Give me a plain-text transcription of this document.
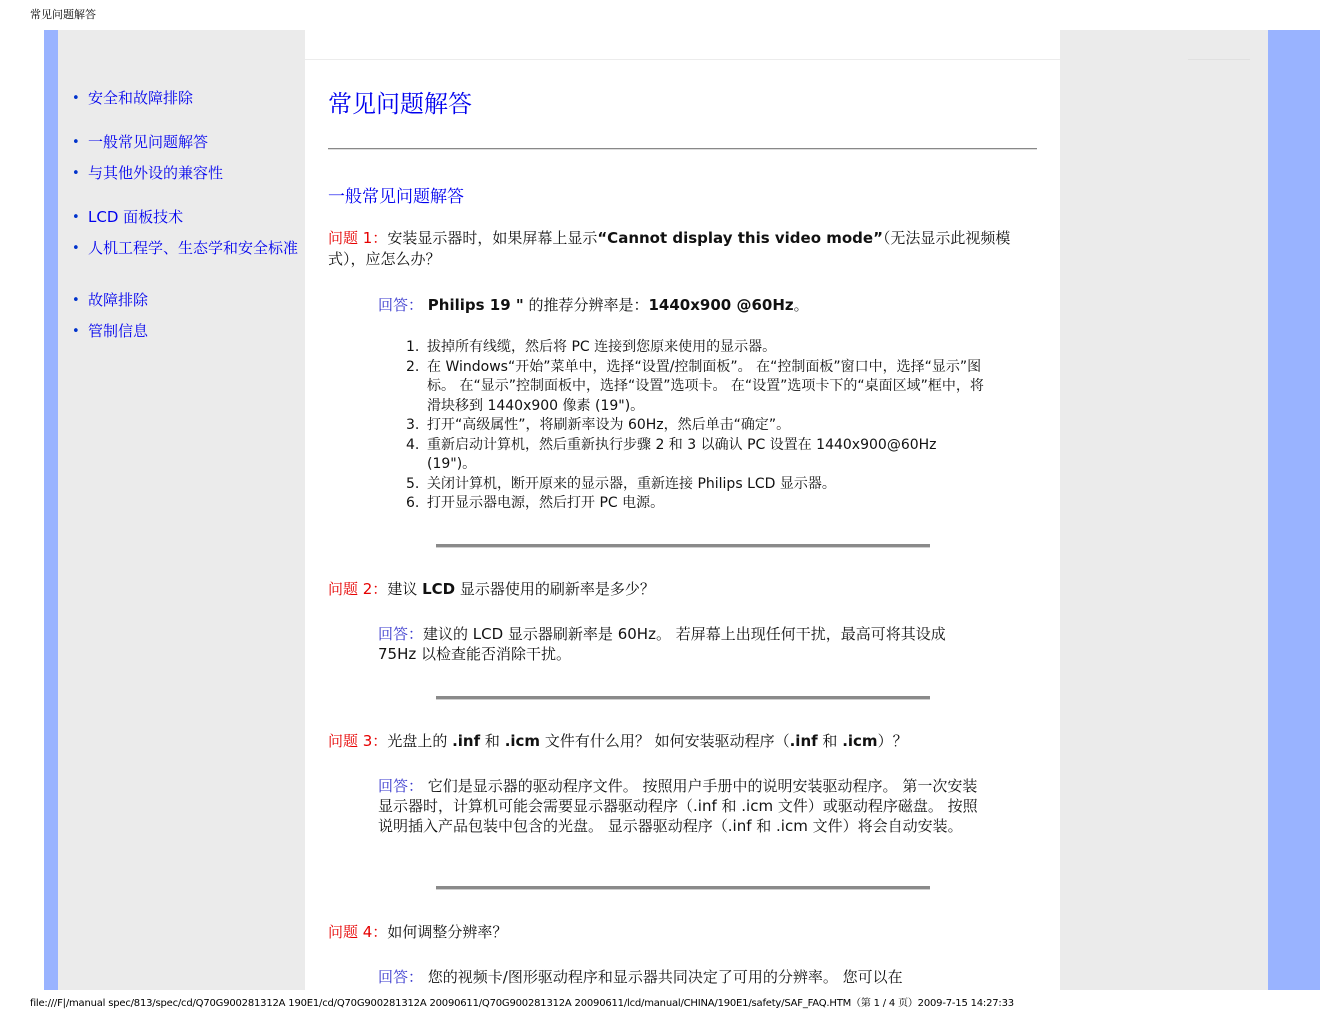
常见问题解答
• 安全和故障排除
• 一般常见问题解答
• 与其他外设的兼容性
• LCD 面板技术
• 人机工程学、生态学和安全标准
• 故障排除
• 管制信息
常见问题解答
一般常见问题解答
问题 1：安装显示器时，如果屏幕上显示“Cannot display this video mode”（无法显示此视频模式），应怎么办？
回答： Philips 19 " 的推荐分辨率是：1440x900 @60Hz。
1. 拔掉所有线缆，然后将 PC 连接到您原来使用的显示器。
2. 在 Windows“开始”菜单中，选择“设置/控制面板”。 在“控制面板”窗口中，选择“显示”图标。 在“显示”控制面板中，选择“设置”选项卡。 在“设置”选项卡下的“桌面区域”框中，将滑块移到 1440x900 像素 (19")。
3. 打开“高级属性”，将刷新率设为 60Hz，然后单击“确定”。
4. 重新启动计算机，然后重新执行步骤 2 和 3 以确认 PC 设置在 1440x900@60Hz (19")。
5. 关闭计算机，断开原来的显示器，重新连接 Philips LCD 显示器。
6. 打开显示器电源，然后打开 PC 电源。
问题 2：建议 LCD 显示器使用的刷新率是多少？
回答：建议的 LCD 显示器刷新率是 60Hz。 若屏幕上出现任何干扰，最高可将其设成 75Hz 以检查能否消除干扰。
问题 3：光盘上的 .inf 和 .icm 文件有什么用？ 如何安装驱动程序（.inf 和 .icm）？
回答： 它们是显示器的驱动程序文件。 按照用户手册中的说明安装驱动程序。 第一次安装显示器时，计算机可能会需要显示器驱动程序（.inf 和 .icm 文件）或驱动程序磁盘。 按照说明插入产品包装中包含的光盘。 显示器驱动程序（.inf 和 .icm 文件）将会自动安装。
问题 4：如何调整分辨率？
回答： 您的视频卡/图形驱动程序和显示器共同决定了可用的分辨率。 您可以在
file:///F|/manual spec/813/spec/cd/Q70G900281312A 190E1/cd/Q70G900281312A 20090611/Q70G900281312A 20090611/lcd/manual/CHINA/190E1/safety/SAF_FAQ.HTM（第 1 / 4 页）2009-7-15 14:27:33
